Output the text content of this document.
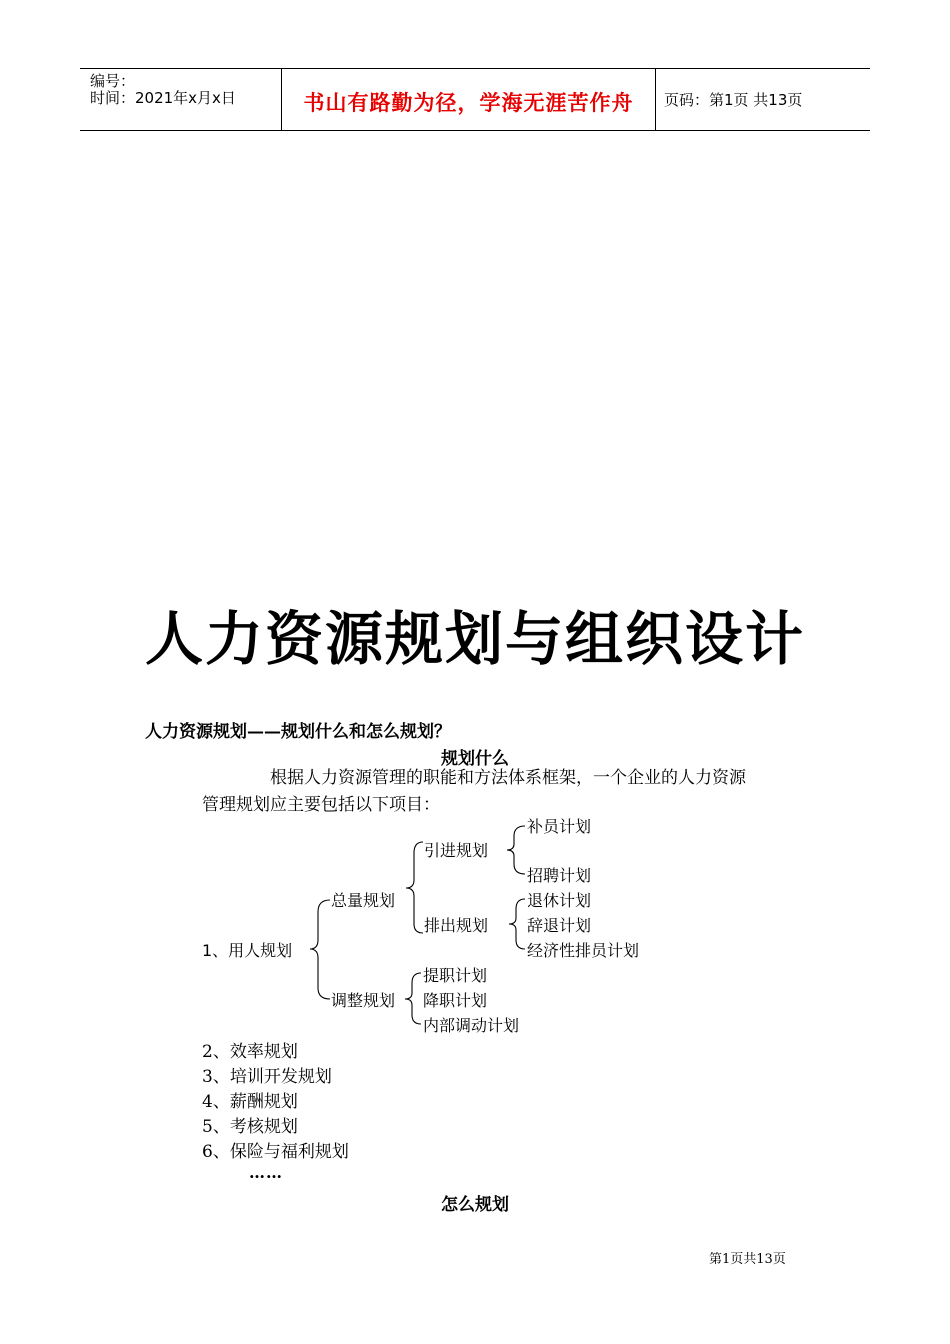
编号：
时间：2021年x月x日	书山有路勤为径，学海无涯苦作舟	页码：第1页 共13页
人力资源规划与组织设计
人力资源规划——规划什么和怎么规划？
规划什么
根据人力资源管理的职能和方法体系框架，一个企业的人力资源
管理规划应主要包括以下项目：
1、用人规划
总量规划
调整规划
引进规划
排出规划
补员计划
招聘计划
退休计划
辞退计划
经济性排员计划
提职计划
降职计划
内部调动计划
2、效率规划
3、培训开发规划
4、薪酬规划
5、考核规划
6、保险与福利规划
……
怎么规划
第1页共13页
